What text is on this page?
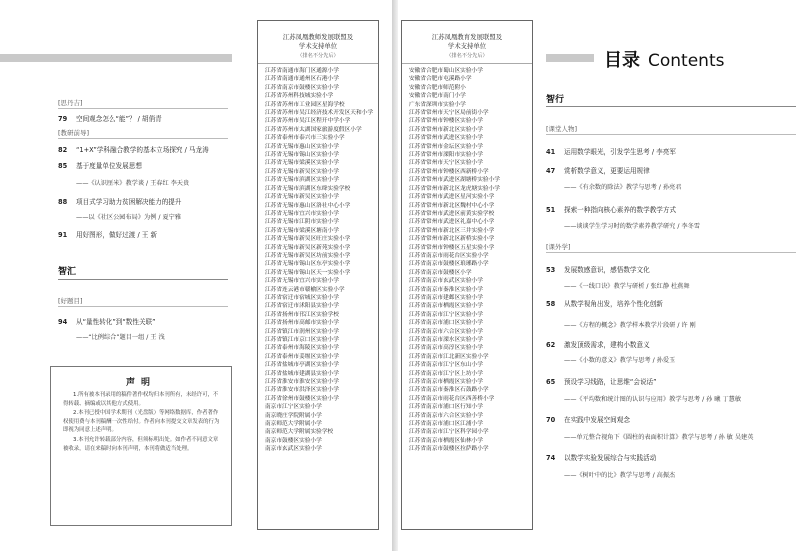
[思丹吉]
79 空间观念怎么“能”？ / 胡俏青
[教研前导]
82 “1+X”学科融合教学的基本立场探究 / 马龙涛
85 基于度量单位发展思想
——《认识厘米》教学谈 / 王春红 李天贵
88 项目式学习助力贫困解决能力的提升
——以《社区公园布局》为例 / 夏宁雅
91 用好图形，做好过渡 / 王 新
智汇
[好题目]
94 从“量性转化”到“数性关联”
——“比例综合”题目一组 / 王 浅
声明

1.所有被本刊录用的稿件著作权均归本刊所有，未经许可，不得转载、摘编或以其他方式使用。

2.本刊已授中国学术期刊（光盘版）等网络数据库，作者著作权使用费与本刊稿酬一次性给付。作者向本刊提交文章发表的行为即视为同意上述声明。

3.本刊允许转载部分内容，但须标明出处。如作者不同意文章被收录，请在来稿时向本刊声明，本刊将做适当处理。

江苏凤凰教师发展联盟及
学术支持单位
（排名不分先后）
江苏省南通市海门区通源小学
江苏省南通市通州区石港小学
江苏省南京市鼓楼区实验小学
江苏省苏州科技城实验小学
江苏省苏州市工业园区星海学校
江苏省苏州市吴江经济技术开发区天和小学
江苏省苏州市吴江区程开中学小学
江苏省苏州市太湖国家旅游度假区小学
江苏省泰州市泰兴市三实验小学
江苏省无锡市惠山区实验小学
江苏省无锡市锡山区实验小学
江苏省无锡市梁溪区实验小学
江苏省无锡市新吴区实验小学
江苏省无锡市滨湖区实验小学
江苏省无锡市滨湖区东绛实验学校
江苏省无锡市新吴区实验小学
江苏省无锡市惠山区洛社中心小学
江苏省无锡市宜兴市实验小学
江苏省无锡市江阴市实验小学
江苏省无锡市梁溪区塘南小学
江苏省无锡市新吴区旺庄实验小学
江苏省无锡市新吴区新苑实验小学
江苏省无锡市新吴区坊前实验小学
江苏省无锡市锡山区东亭实验小学
江苏省无锡市锡山区天一实验小学
江苏省无锡市宜兴市实验小学
江苏省连云港市赣榆区实验小学
江苏省宿迁市宿城区实验小学
江苏省宿迁市沭阳县实验小学
江苏省扬州市邗江区实验学校
江苏省扬州市高邮市实验小学
江苏省镇江市润州区实验小学
江苏省镇江市京口区实验小学
江苏省泰州市海陵区实验小学
江苏省泰州市姜堰区实验小学
江苏省盐城市亭湖区实验小学
江苏省盐城市建湖县实验小学
江苏省淮安市淮安区实验小学
江苏省淮安市洪泽区实验小学
江苏省徐州市鼓楼区实验小学
南京市江宁区实验小学
南京晓庄学院附属小学
南京师范大学附属小学
南京师范大学附属实验学校
南京市鼓楼区实验小学
南京市玄武区实验小学
江苏凤凰教育发展联盟及
学术支持单位
（排名不分先后）
安徽省合肥市蜀山区实验小学
安徽省合肥市屯溪路小学
安徽省合肥市师范附小
安徽省合肥市南门小学
广东省深圳市实验小学
江苏省常州市天宁区局前街小学
江苏省常州市钟楼区实验小学
江苏省常州市新北区实验小学
江苏省常州市武进区实验小学
江苏省常州市金坛区实验小学
江苏省常州市溧阳市实验小学
江苏省常州市天宁区实验小学
江苏省常州市钟楼区西新桥小学
江苏省常州市武进区湖塘桥实验小学
江苏省常州市新北区龙虎塘实验小学
江苏省常州市武进区星河实验小学
江苏省常州市新北区魏村中心小学
江苏省常州市武进区前黄实验学校
江苏省常州市武进区礼嘉中心小学
江苏省常州市新北区三井实验小学
江苏省常州市新北区新桥实验小学
江苏省常州市钟楼区五星实验小学
江苏省南京市雨花台区实验小学
江苏省南京市鼓楼区琅琊路小学
江苏省南京市鼓楼区小学
江苏省南京市玄武区实验小学
江苏省南京市秦淮区实验小学
江苏省南京市建邺区实验小学
江苏省南京市栖霞区实验小学
江苏省南京市江宁区实验小学
江苏省南京市浦口区实验小学
江苏省南京市六合区实验小学
江苏省南京市溧水区实验小学
江苏省南京市高淳区实验小学
江苏省南京市江北新区实验小学
江苏省南京市江宁区东山小学
江苏省南京市江宁区上坊小学
江苏省南京市栖霞区实验小学
江苏省南京市秦淮区石鼓路小学
江苏省南京市雨花台区西善桥小学
江苏省南京市浦口区行知小学
江苏省南京市六合区实验小学
江苏省南京市浦口区江浦小学
江苏省南京市江宁区科学园小学
江苏省南京市栖霞区仙林小学
江苏省南京市鼓楼区拉萨路小学
目录 Contents
智行
[课堂人物]
41 运用数学眼光，引发学生思考 / 李亮军
47 赏析数学意义，更要运用规律
——《有余数的除法》教学与思考 / 孙亮君
51 探索一种指向核心素养的数学教学方式
——谈谈学生学习时的数学素养教学研究 / 李冬雪
[课外学]
53 发展数感意识，感悟数学文化
——《一线口诀》教学与研析 / 张红静 杜燕舞
58 从数学视角出发，培养个性化创新
——《方程的概念》教学样本教学片段研 / 许 刚
62 激发顶级需求，建构小数意义
——《小数的意义》教学与思考 / 孙爱玉
65 预设学习线路，让思维“会说话”
——《平均数和统计图的认识与应用》教学与思考 / 孙 曦 丁慧敏
70 在实践中发展空间观念
——单元整合视角下《圆柱的表面积计算》教学与思考 / 孙 敏 吴建英
74 以数学实验发展综合与实践活动
——《树叶中的比》教学与思考 / 高振杰
